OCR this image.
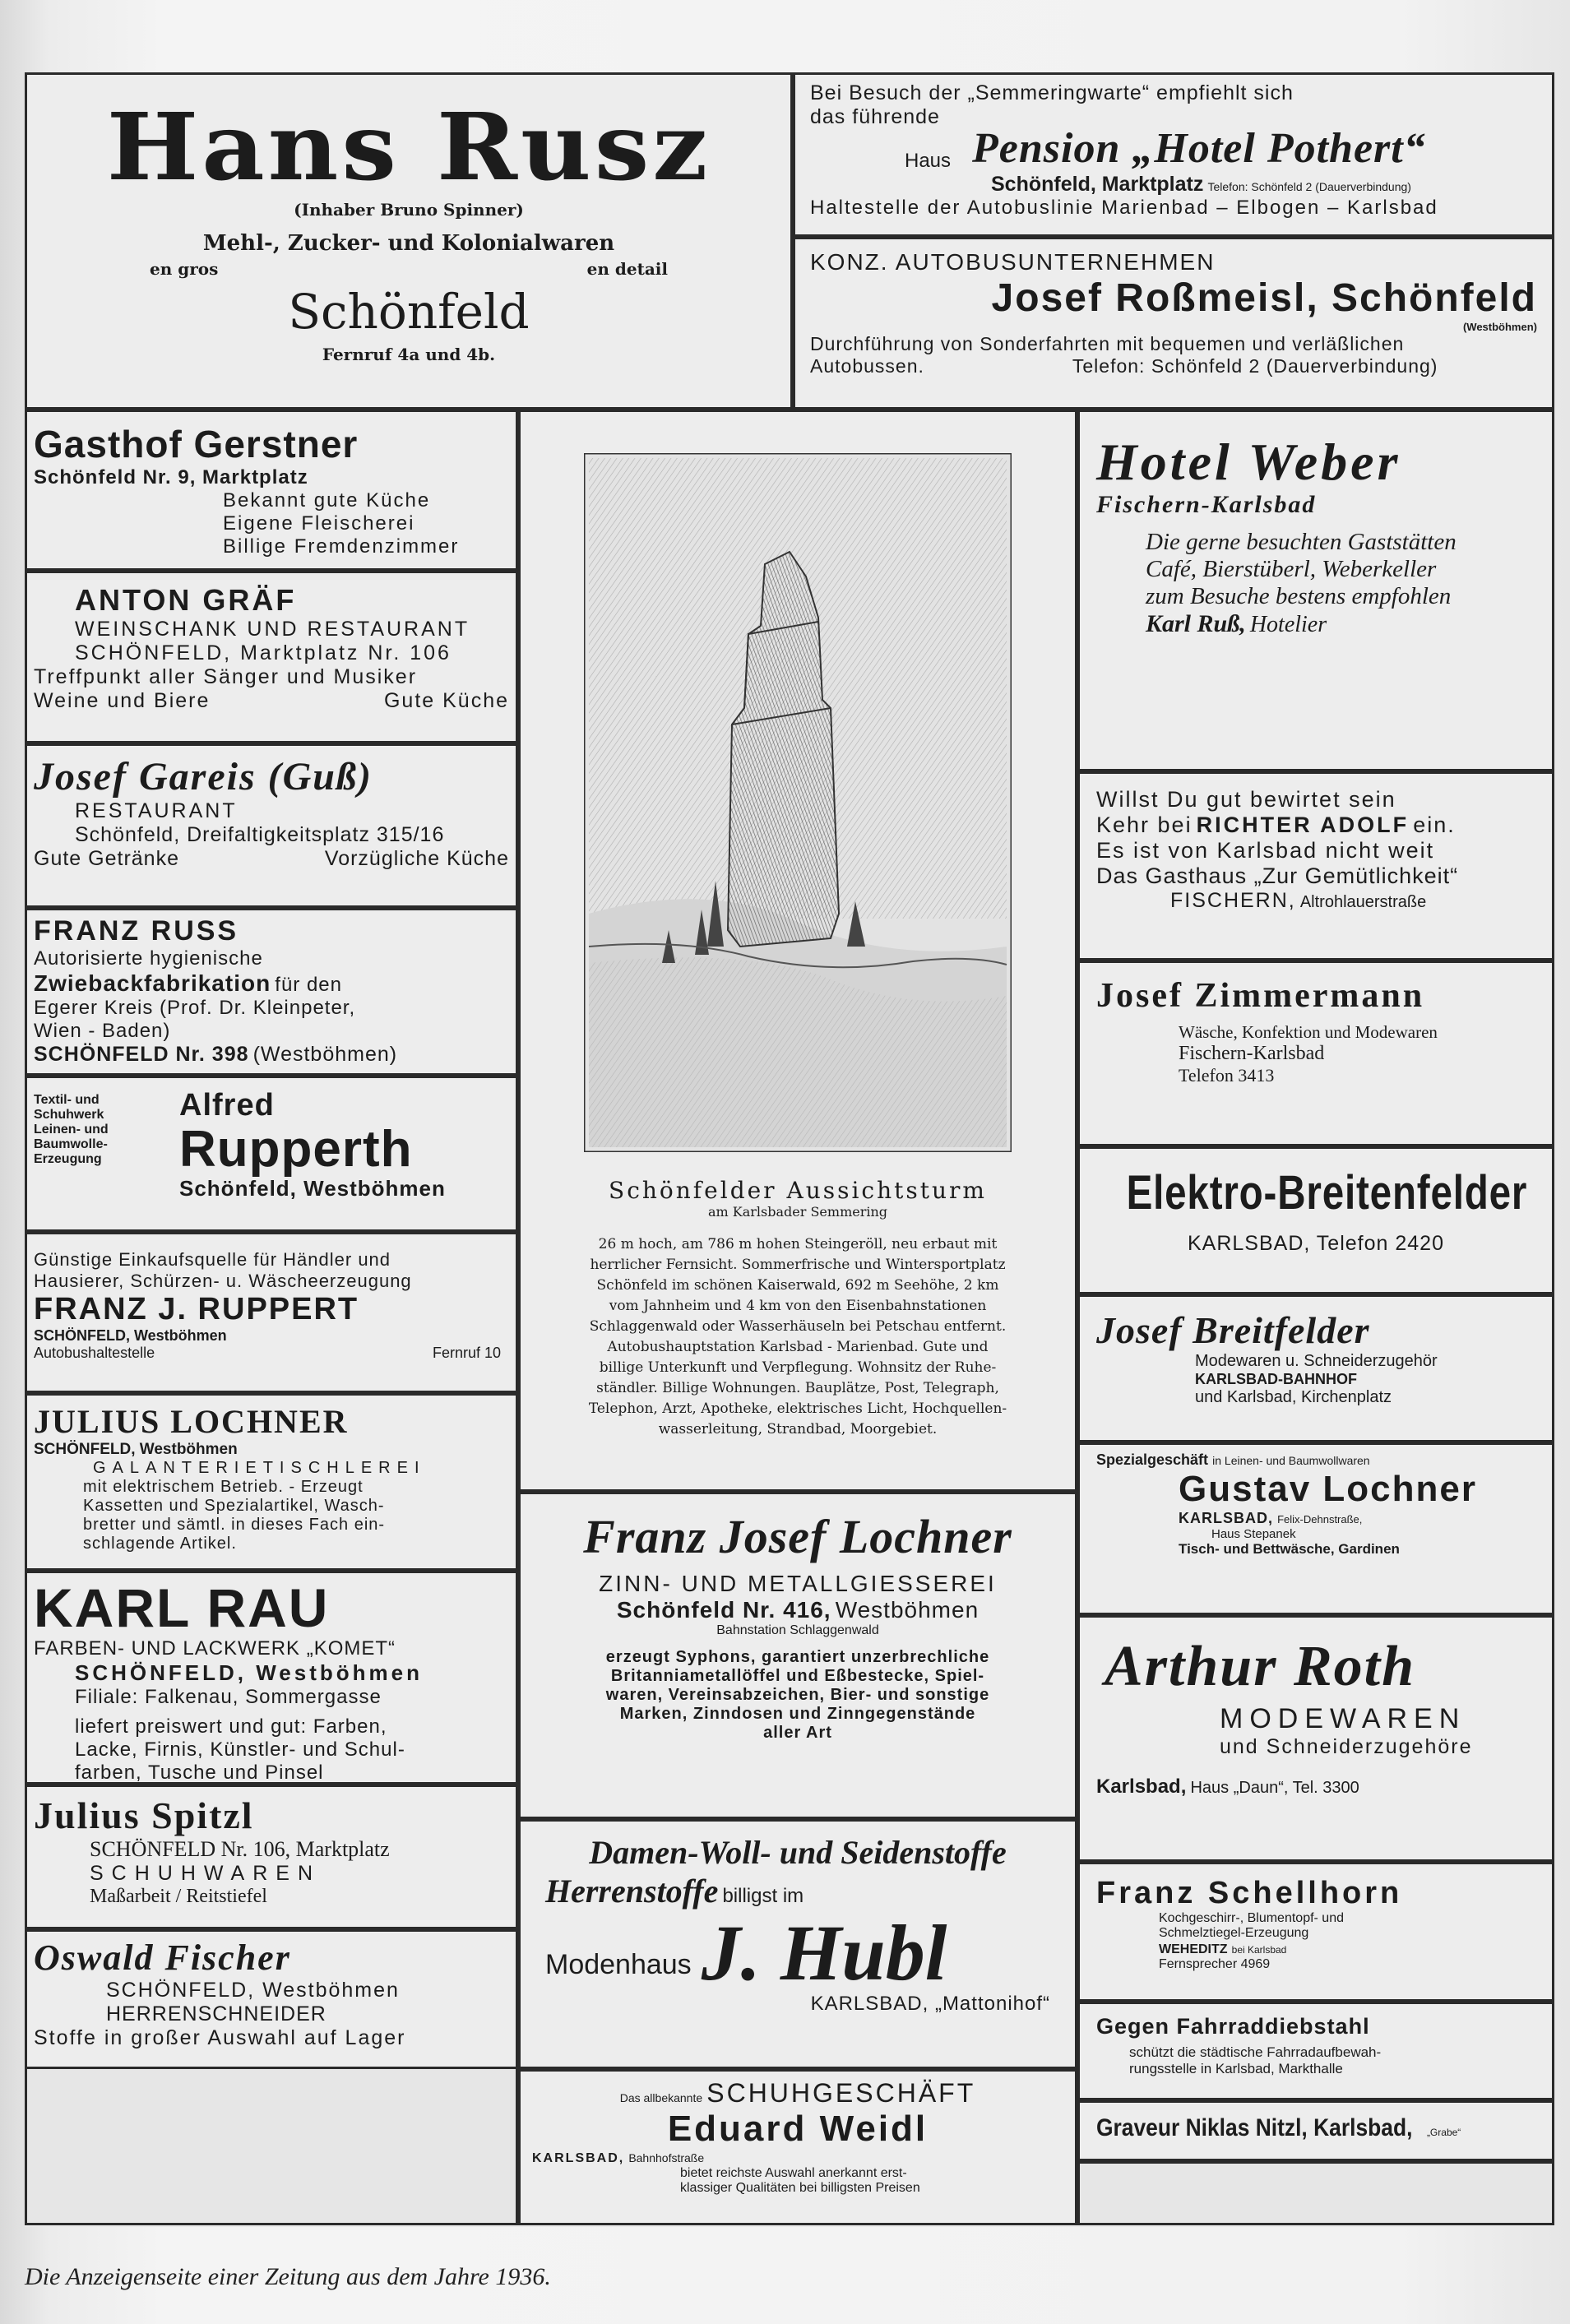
Hans Rusz
(Inhaber Bruno Spinner)
Mehl-, Zucker- und Kolonialwaren
en gros	en detail
Schönfeld
Fernruf 4a und 4b.
Bei Besuch der „Semmeringwarte“ empfiehlt sich
das führende
Haus Pension „Hotel Pothert“
Schönfeld, Marktplatz Telefon: Schönfeld 2 (Dauerverbindung)
Haltestelle der Autobuslinie Marienbad – Elbogen – Karlsbad
KONZ. AUTOBUSUNTERNEHMEN
Josef Roßmeisl, Schönfeld
(Westböhmen)
Durchführung von Sonderfahrten mit bequemen und verläßlichen
Autobussen.	Telefon: Schönfeld 2 (Dauerverbindung)
Gasthof Gerstner
Schönfeld Nr. 9, Marktplatz
Bekannt gute Küche
Eigene Fleischerei
Billige Fremdenzimmer
ANTON GRÄF
WEINSCHANK UND RESTAURANT
SCHÖNFELD, Marktplatz Nr. 106
Treffpunkt aller Sänger und Musiker
Weine und Biere	Gute Küche
Josef Gareis (Guß)
RESTAURANT
Schönfeld, Dreifaltigkeitsplatz 315/16
Gute Getränke	Vorzügliche Küche
FRANZ RUSS
Autorisierte hygienische
Zwiebackfabrikation für den
Egerer Kreis (Prof. Dr. Kleinpeter,
Wien - Baden)
SCHÖNFELD Nr. 398 (Westböhmen)
Textil- und
Schuhwerk
Leinen- und
Baumwolle-
Erzeugung
Alfred
Rupperth
Schönfeld, Westböhmen
Günstige Einkaufsquelle für Händler und
Hausierer, Schürzen- u. Wäscheerzeugung
FRANZ J. RUPPERT
SCHÖNFELD, Westböhmen
Autobushaltestelle	Fernruf 10
JULIUS LOCHNER
SCHÖNFELD, Westböhmen
GALANTERIETISCHLEREI
mit elektrischem Betrieb. - Erzeugt
Kassetten und Spezialartikel, Wasch-
bretter und sämtl. in dieses Fach ein-
schlagende Artikel.
KARL RAU
FARBEN- UND LACKWERK „KOMET“
SCHÖNFELD, Westböhmen
Filiale: Falkenau, Sommergasse
liefert preiswert und gut: Farben,
Lacke, Firnis, Künstler- und Schul-
farben, Tusche und Pinsel
Julius Spitzl
SCHÖNFELD Nr. 106, Marktplatz
SCHUHWAREN
Maßarbeit / Reitstiefel
Oswald Fischer
SCHÖNFELD, Westböhmen
HERRENSCHNEIDER
Stoffe in großer Auswahl auf Lager
Schönfelder Aussichtsturm
am Karlsbader Semmering
26 m hoch, am 786 m hohen Steingeröll, neu erbaut mit
herrlicher Fernsicht. Sommerfrische und Wintersportplatz
Schönfeld im schönen Kaiserwald, 692 m Seehöhe, 2 km
vom Jahnheim und 4 km von den Eisenbahnstationen
Schlaggenwald oder Wasserhäuseln bei Petschau entfernt.
Autobushauptstation Karlsbad - Marienbad. Gute und
billige Unterkunft und Verpflegung. Wohnsitz der Ruhe-
ständler. Billige Wohnungen. Bauplätze, Post, Telegraph,
Telephon, Arzt, Apotheke, elektrisches Licht, Hochquellen-
wasserleitung, Strandbad, Moorgebiet.
Franz Josef Lochner
ZINN- UND METALLGIESSEREI
Schönfeld Nr. 416, Westböhmen
Bahnstation Schlaggenwald
erzeugt Syphons, garantiert unzerbrechliche
Britanniametallöffel und Eßbestecke, Spiel-
waren, Vereinsabzeichen, Bier- und sonstige
Marken, Zinndosen und Zinngegenstände
aller Art
Damen-Woll- und Seidenstoffe
Herrenstoffe billigst im
Modenhaus J. Hubl
KARLSBAD, „Mattonihof“
Hotel Weber
Fischern-Karlsbad
Die gerne besuchten Gaststätten
Café, Bierstüberl, Weberkeller
zum Besuche bestens empfohlen
Karl Ruß, Hotelier
Willst Du gut bewirtet sein
Kehr bei RICHTER ADOLF ein.
Es ist von Karlsbad nicht weit
Das Gasthaus „Zur Gemütlichkeit“
FISCHERN, Altrohlauerstraße
Josef Zimmermann
Wäsche, Konfektion und Modewaren
Fischern-Karlsbad
Telefon 3413
Elektro-Breitenfelder
KARLSBAD, Telefon 2420
Josef Breitfelder
Modewaren u. Schneiderzugehör
KARLSBAD-BAHNHOF
und Karlsbad, Kirchenplatz
Spezialgeschäft in Leinen- und Baumwollwaren
Gustav Lochner
KARLSBAD, Felix-Dehnstraße,
Haus Stepanek
Tisch- und Bettwäsche, Gardinen
Arthur Roth
MODEWAREN
und Schneiderzugehöre
Karlsbad, Haus „Daun“, Tel. 3300
Franz Schellhorn
Kochgeschirr-, Blumentopf- und
Schmelztiegel-Erzeugung
WEHEDITZ bei Karlsbad
Fernsprecher 4969
Gegen Fahrraddiebstahl
schützt die städtische Fahrradaufbewah-
rungsstelle in Karlsbad, Markthalle
Graveur Niklas Nitzl, Karlsbad, „Grabe“
Das allbekannte SCHUHGESCHÄFT
Eduard Weidl
KARLSBAD, Bahnhofstraße
bietet reichste Auswahl anerkannt erst-
klassiger Qualitäten bei billigsten Preisen
Die Anzeigenseite einer Zeitung aus dem Jahre 1936.
